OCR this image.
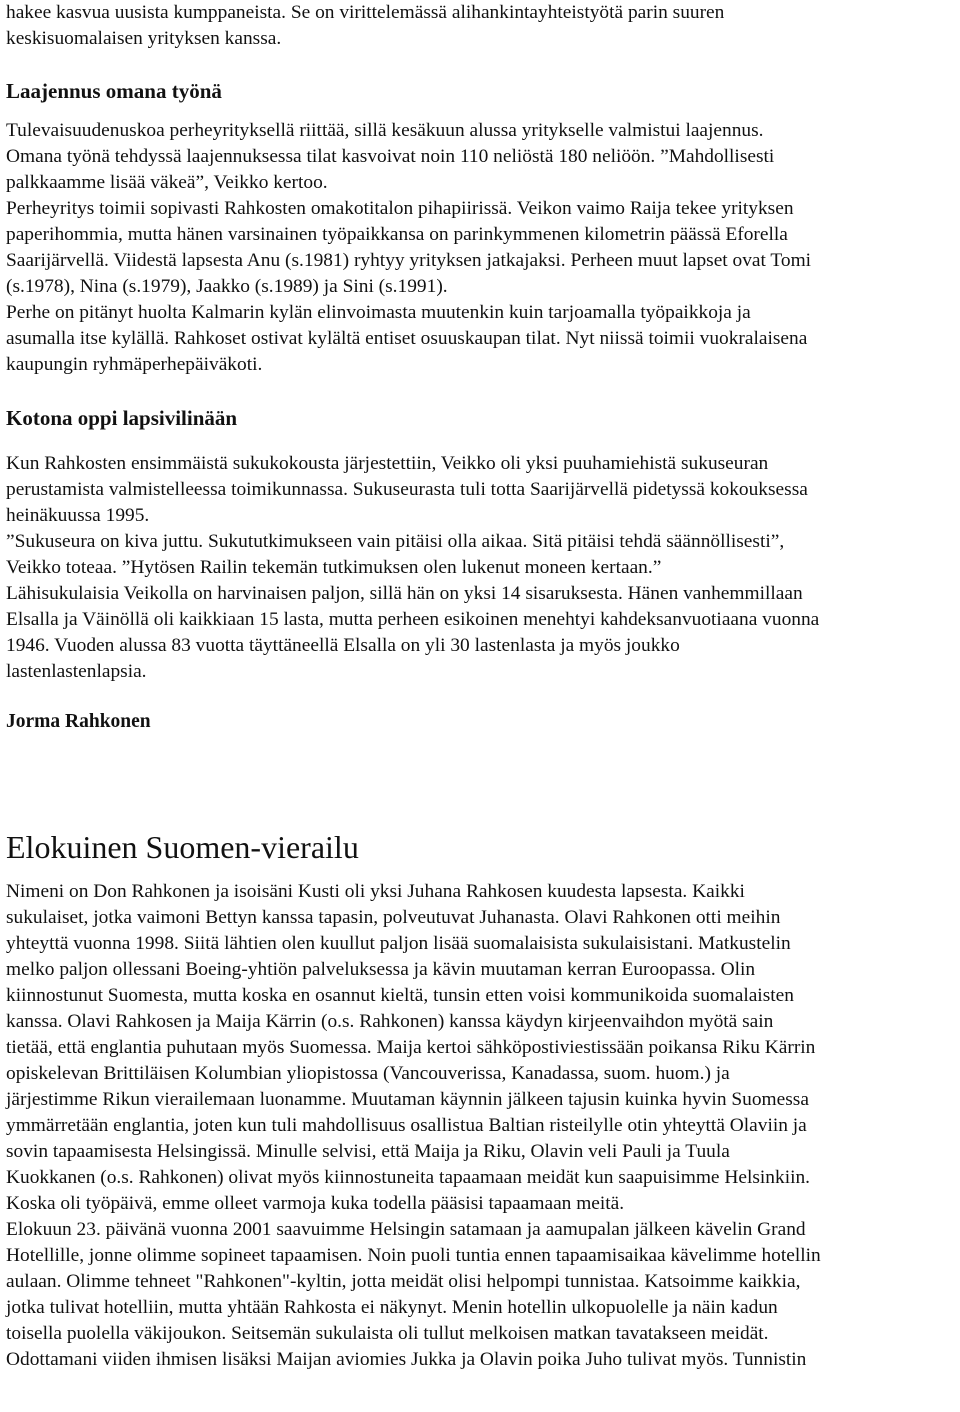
hakee kasvua uusista kumppaneista. Se on virittelemässä alihankintayhteistyötä parin suuren

keskisuomalaisen yrityksen kanssa.

Laajennus omana työnä

Tulevaisuudenuskoa perheyrityksellä riittää, sillä kesäkuun alussa yritykselle valmistui laajennus.

Omana työnä tehdyssä laajennuksessa tilat kasvoivat noin 110 neliöstä 180 neliöön. ”Mahdollisesti

palkkaamme lisää väkeä”, Veikko kertoo.

Perheyritys toimii sopivasti Rahkosten omakotitalon pihapiirissä. Veikon vaimo Raija tekee yrityksen

paperihommia, mutta hänen varsinainen työpaikkansa on parinkymmenen kilometrin päässä Eforella

Saarijärvellä. Viidestä lapsesta Anu (s.1981) ryhtyy yrityksen jatkajaksi. Perheen muut lapset ovat Tomi

(s.1978), Nina (s.1979), Jaakko (s.1989) ja Sini (s.1991).

Perhe on pitänyt huolta Kalmarin kylän elinvoimasta muutenkin kuin tarjoamalla työpaikkoja ja

asumalla itse kylällä. Rahkoset ostivat kylältä entiset osuuskaupan tilat. Nyt niissä toimii vuokralaisena

kaupungin ryhmäperhepäiväkoti.

Kotona oppi lapsivilinään

Kun Rahkosten ensimmäistä sukukokousta järjestettiin, Veikko oli yksi puuhamiehistä sukuseuran

perustamista valmistelleessa toimikunnassa. Sukuseurasta tuli totta Saarijärvellä pidetyssä kokouksessa

heinäkuussa 1995.

”Sukuseura on kiva juttu. Sukututkimukseen vain pitäisi olla aikaa. Sitä pitäisi tehdä säännöllisesti”,

Veikko toteaa. ”Hytösen Railin tekemän tutkimuksen olen lukenut moneen kertaan.”

Lähisukulaisia Veikolla on harvinaisen paljon, sillä hän on yksi 14 sisaruksesta. Hänen vanhemmillaan

Elsalla ja Väinöllä oli kaikkiaan 15 lasta, mutta perheen esikoinen menehtyi kahdeksanvuotiaana vuonna

1946. Vuoden alussa 83 vuotta täyttäneellä Elsalla on yli 30 lastenlasta ja myös joukko

lastenlastenlapsia.

Jorma Rahkonen
Elokuinen Suomen-vierailu

Nimeni on Don Rahkonen ja isoisäni Kusti oli yksi Juhana Rahkosen kuudesta lapsesta. Kaikki

sukulaiset, jotka vaimoni Bettyn kanssa tapasin, polveutuvat Juhanasta. Olavi Rahkonen otti meihin

yhteyttä vuonna 1998. Siitä lähtien olen kuullut paljon lisää suomalaisista sukulaisistani. Matkustelin

melko paljon ollessani Boeing-yhtiön palveluksessa ja kävin muutaman kerran Euroopassa. Olin

kiinnostunut Suomesta, mutta koska en osannut kieltä, tunsin etten voisi kommunikoida suomalaisten

kanssa. Olavi Rahkosen ja Maija Kärrin (o.s. Rahkonen) kanssa käydyn kirjeenvaihdon myötä sain

tietää, että englantia puhutaan myös Suomessa. Maija kertoi sähköpostiviestissään poikansa Riku Kärrin

opiskelevan Brittiläisen Kolumbian yliopistossa (Vancouverissa, Kanadassa, suom. huom.) ja

järjestimme Rikun vierailemaan luonamme. Muutaman käynnin jälkeen tajusin kuinka hyvin Suomessa

ymmärretään englantia, joten kun tuli mahdollisuus osallistua Baltian risteilylle otin yhteyttä Olaviin ja

sovin tapaamisesta Helsingissä. Minulle selvisi, että Maija ja Riku, Olavin veli Pauli ja Tuula

Kuokkanen (o.s. Rahkonen) olivat myös kiinnostuneita tapaamaan meidät kun saapuisimme Helsinkiin.

Koska oli työpäivä, emme olleet varmoja kuka todella pääsisi tapaamaan meitä.

Elokuun 23. päivänä vuonna 2001 saavuimme Helsingin satamaan ja aamupalan jälkeen kävelin Grand

Hotellille, jonne olimme sopineet tapaamisen. Noin puoli tuntia ennen tapaamisaikaa kävelimme hotellin

aulaan. Olimme tehneet "Rahkonen"-kyltin, jotta meidät olisi helpompi tunnistaa. Katsoimme kaikkia,

jotka tulivat hotelliin, mutta yhtään Rahkosta ei näkynyt. Menin hotellin ulkopuolelle ja näin kadun

toisella puolella väkijoukon. Seitsemän sukulaista oli tullut melkoisen matkan tavatakseen meidät.

Odottamani viiden ihmisen lisäksi Maijan aviomies Jukka ja Olavin poika Juho tulivat myös. Tunnistin
